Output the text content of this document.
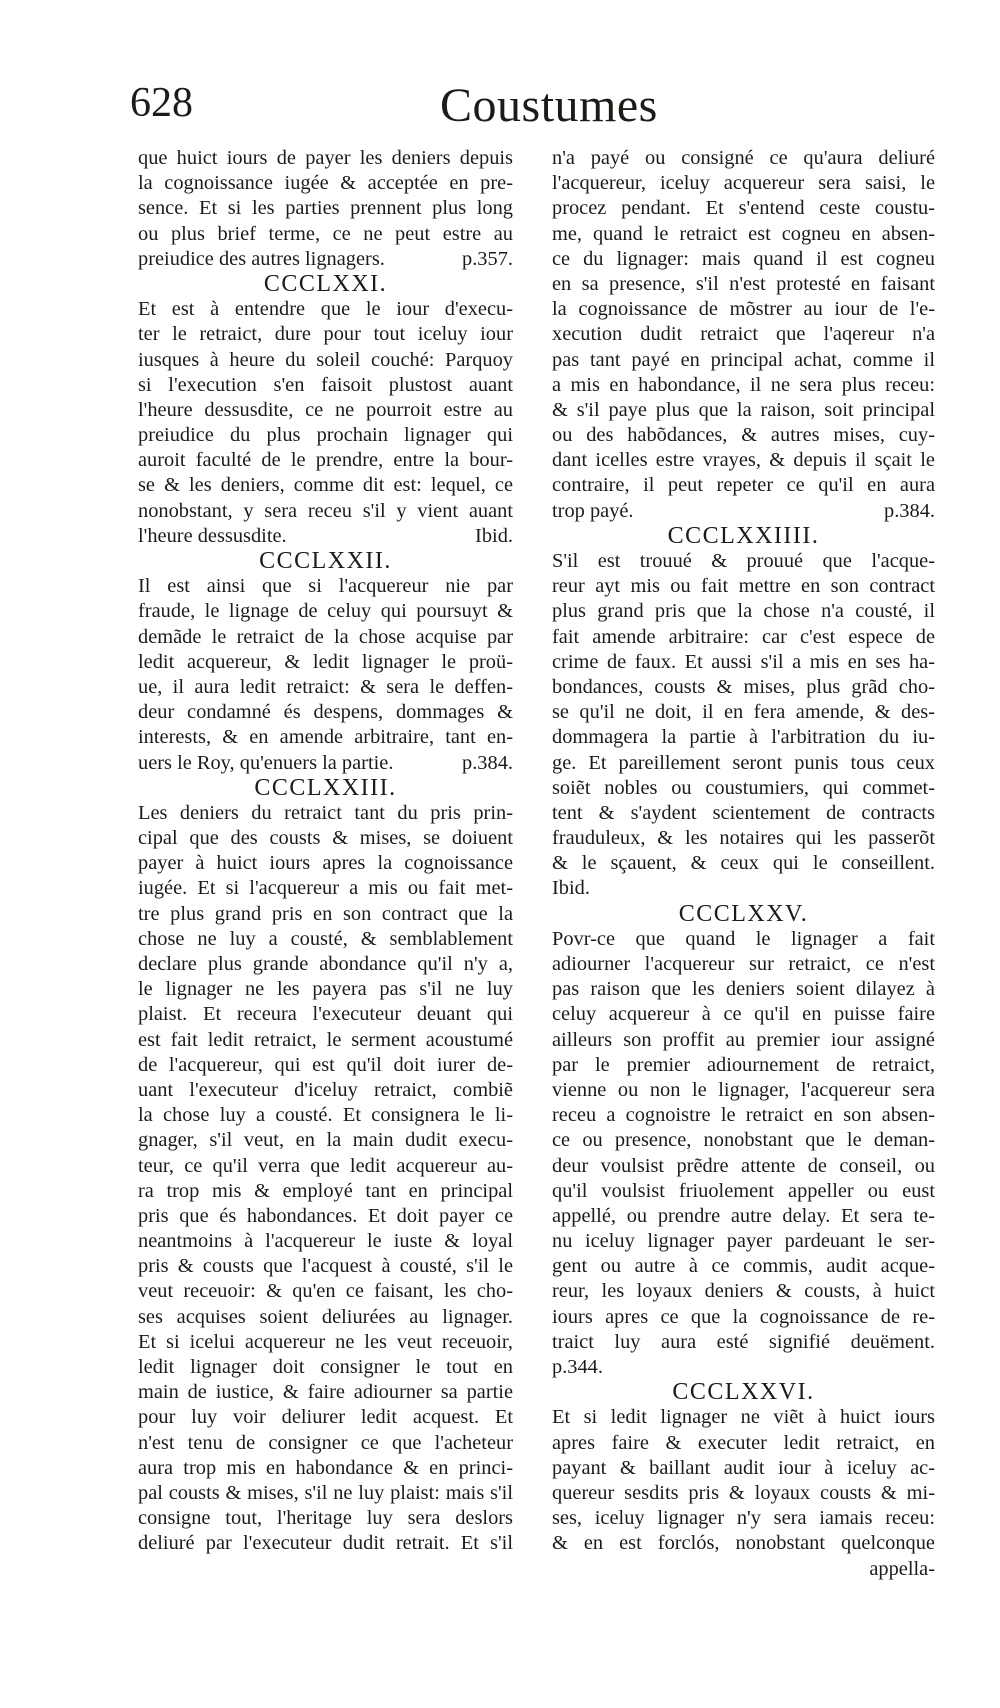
628	Coustumes
que huict iours de payer les deniers depuis
la cognoissance iugée & acceptée en pre-
sence. Et si les parties prennent plus long
ou plus brief terme, ce ne peut estre au
preiudice des autres lignagers.	p.357.
CCCLXXI.
Et est à entendre que le iour d'execu-
ter le retraict, dure pour tout iceluy iour
iusques à heure du soleil couché: Parquoy
si l'execution s'en faisoit plustost auant
l'heure dessusdite, ce ne pourroit estre au
preiudice du plus prochain lignager qui
auroit faculté de le prendre, entre la bour-
se & les deniers, comme dit est: lequel, ce
nonobstant, y sera receu s'il y vient auant
l'heure dessusdite.	Ibid.
CCCLXXII.
Il est ainsi que si l'acquereur nie par
fraude, le lignage de celuy qui poursuyt &
demãde le retraict de la chose acquise par
ledit acquereur, & ledit lignager le proü-
ue, il aura ledit retraict: & sera le deffen-
deur condamné és despens, dommages &
interests, & en amende arbitraire, tant en-
uers le Roy, qu'enuers la partie.	p.384.
CCCLXXIII.
Les deniers du retraict tant du pris prin-
cipal que des cousts & mises, se doiuent
payer à huict iours apres la cognoissance
iugée. Et si l'acquereur a mis ou fait met-
tre plus grand pris en son contract que la
chose ne luy a cousté, & semblablement
declare plus grande abondance qu'il n'y a,
le lignager ne les payera pas s'il ne luy
plaist. Et receura l'executeur deuant qui
est fait ledit retraict, le serment acoustumé
de l'acquereur, qui est qu'il doit iurer de-
uant l'executeur d'iceluy retraict, combiẽ
la chose luy a cousté. Et consignera le li-
gnager, s'il veut, en la main dudit execu-
teur, ce qu'il verra que ledit acquereur au-
ra trop mis & employé tant en principal
pris que és habondances. Et doit payer ce
neantmoins à l'acquereur le iuste & loyal
pris & cousts que l'acquest à cousté, s'il le
veut receuoir: & qu'en ce faisant, les cho-
ses acquises soient deliurées au lignager.
Et si icelui acquereur ne les veut receuoir,
ledit lignager doit consigner le tout en
main de iustice, & faire adiourner sa partie
pour luy voir deliurer ledit acquest. Et
n'est tenu de consigner ce que l'acheteur
aura trop mis en habondance & en princi-
pal cousts & mises, s'il ne luy plaist: mais s'il
consigne tout, l'heritage luy sera deslors
deliuré par l'executeur dudit retrait. Et s'il
n'a payé ou consigné ce qu'aura deliuré
l'acquereur, iceluy acquereur sera saisi, le
procez pendant. Et s'entend ceste coustu-
me, quand le retraict est cogneu en absen-
ce du lignager: mais quand il est cogneu
en sa presence, s'il n'est protesté en faisant
la cognoissance de mõstrer au iour de l'e-
xecution dudit retraict que l'aqereur n'a
pas tant payé en principal achat, comme il
a mis en habondance, il ne sera plus receu:
& s'il paye plus que la raison, soit principal
ou des habõdances, & autres mises, cuy-
dant icelles estre vrayes, & depuis il sçait le
contraire, il peut repeter ce qu'il en aura
trop payé.	p.384.
CCCLXXIIII.
S'il est trouué & prouué que l'acque-
reur ayt mis ou fait mettre en son contract
plus grand pris que la chose n'a cousté, il
fait amende arbitraire: car c'est espece de
crime de faux. Et aussi s'il a mis en ses ha-
bondances, cousts & mises, plus grãd cho-
se qu'il ne doit, il en fera amende, & des-
dommagera la partie à l'arbitration du iu-
ge. Et pareillement seront punis tous ceux
soiẽt nobles ou coustumiers, qui commet-
tent & s'aydent scientement de contracts
frauduleux, & les notaires qui les passerõt
& le sçauent, & ceux qui le conseillent.
Ibid.
CCCLXXV.
Povr-ce que quand le lignager a fait
adiourner l'acquereur sur retraict, ce n'est
pas raison que les deniers soient dilayez à
celuy acquereur à ce qu'il en puisse faire
ailleurs son proffit au premier iour assigné
par le premier adiournement de retraict,
vienne ou non le lignager, l'acquereur sera
receu a cognoistre le retraict en son absen-
ce ou presence, nonobstant que le deman-
deur voulsist prẽdre attente de conseil, ou
qu'il voulsist friuolement appeller ou eust
appellé, ou prendre autre delay. Et sera te-
nu iceluy lignager payer pardeuant le ser-
gent ou autre à ce commis, audit acque-
reur, les loyaux deniers & cousts, à huict
iours apres ce que la cognoissance de re-
traict luy aura esté signifié deuëment.
p.344.
CCCLXXVI.
Et si ledit lignager ne viẽt à huict iours
apres faire & executer ledit retraict, en
payant & baillant audit iour à iceluy ac-
quereur sesdits pris & loyaux cousts & mi-
ses, iceluy lignager n'y sera iamais receu:
& en est forclós, nonobstant quelconque
appella-
